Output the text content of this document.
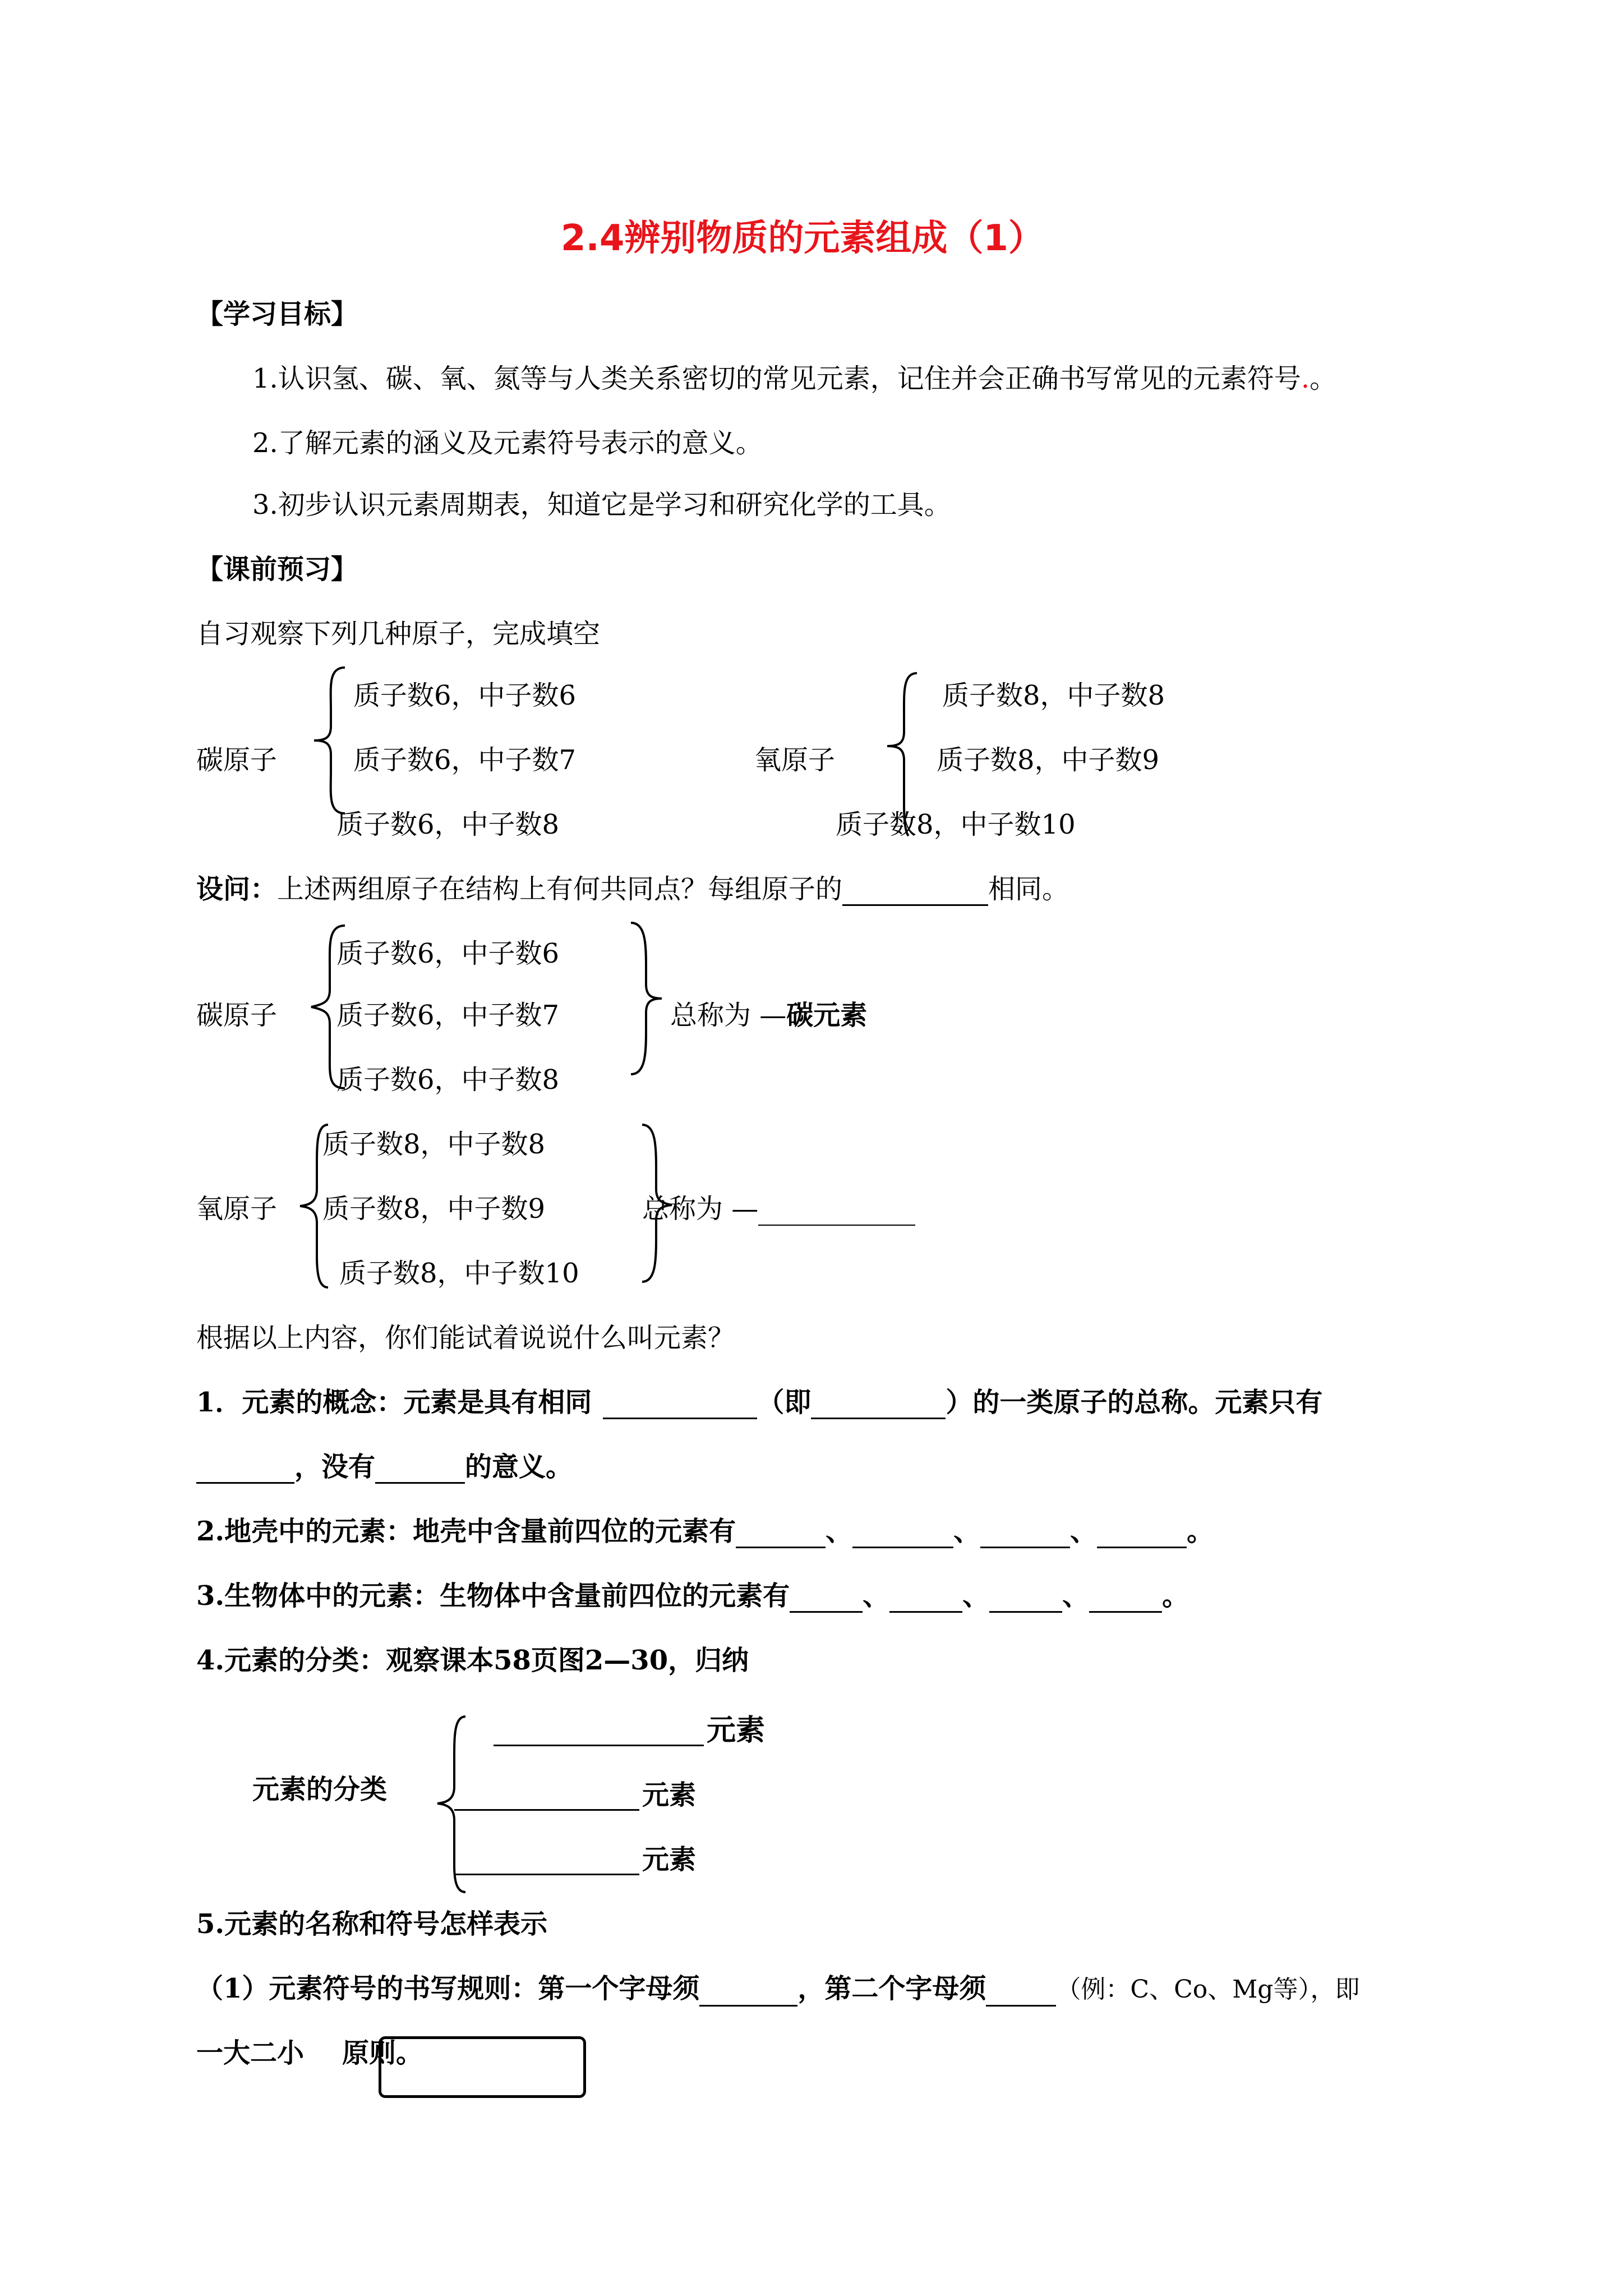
2.4辨别物质的元素组成（1）
【学习目标】
1.认识氢、碳、氧、氮等与人类关系密切的常见元素，记住并会正确书写常见的元素符号.。
2.了解元素的涵义及元素符号表示的意义。
3.初步认识元素周期表，知道它是学习和研究化学的工具。
【课前预习】
自习观察下列几种原子，完成填空
碳原子
质子数6，中子数6
质子数6，中子数7
质子数6，中子数8
氧原子
质子数8，中子数8
质子数8，中子数9
质子数8，中子数10
设问：上述两组原子在结构上有何共同点？每组原子的	相同。
碳原子
质子数6，中子数6
质子数6，中子数7
质子数6，中子数8
总称为 —碳元素
氧原子
质子数8，中子数8
质子数8，中子数9
质子数8，中子数10
总称为 —
根据以上内容，你们能试着说说什么叫元素？
1．元素的概念：元素是具有相同	（即	）的一类原子的总称。元素只有
，没有	的意义。
2.地壳中的元素：地壳中含量前四位的元素有	、	、	、	。
3.生物体中的元素：生物体中含量前四位的元素有	、	、	、	。
4.元素的分类：观察课本58页图2—30，归纳
元素的分类
元素
元素
元素
5.元素的名称和符号怎样表示
（1）元素符号的书写规则：第一个字母须	，第二个字母须	（例：C、Co、Mg等），即
一大二小 原则。
